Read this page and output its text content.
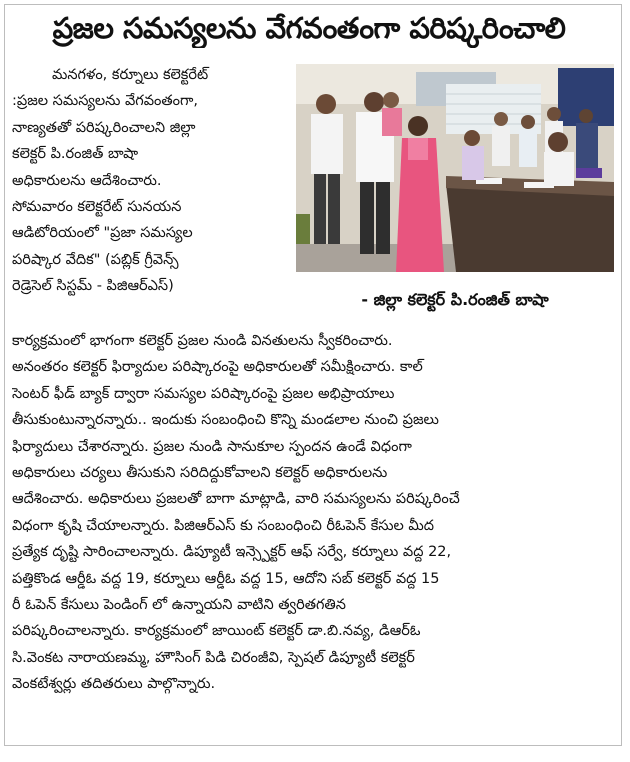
ప్రజల సమస్యలను వేగవంతంగా పరిష్కరించాలి
మనగళం, కర్నూలు కలెక్టరేట్
:ప్రజల సమస్యలను వేగవంతంగా,
నాణ్యతతో పరిష్కరించాలని జిల్లా
కలెక్టర్ పి.రంజిత్ బాషా
అధికారులను ఆదేశించారు.
సోమవారం కలెక్టరేట్ సునయన
ఆడిటోరియంలో "ప్రజా సమస్యల
పరిష్కార వేదిక" (పబ్లిక్ గ్రీవెన్స్
రెడ్రెసెల్ సిస్టమ్ - పిజిఆర్ఎస్)
- జిల్లా కలెక్టర్ పి.రంజిత్ బాషా
కార్యక్రమంలో భాగంగా కలెక్టర్ ప్రజల నుండి వినతులను స్వీకరించారు.
అనంతరం కలెక్టర్ ఫిర్యాదుల పరిష్కారంపై అధికారులతో సమీక్షించారు. కాల్
సెంటర్ ఫీడ్ బ్యాక్ ద్వారా సమస్యల పరిష్కారంపై ప్రజల అభిప్రాయాలు
తీసుకుంటున్నారన్నారు.. ఇందుకు సంబంధించి కొన్ని మండలాల నుంచి ప్రజలు
ఫిర్యాదులు చేశారన్నారు. ప్రజల నుండి సానుకూల స్పందన ఉండే విధంగా
అధికారులు చర్యలు తీసుకుని సరిదిద్దుకోవాలని కలెక్టర్ అధికారులను
ఆదేశించారు. అధికారులు ప్రజలతో బాగా మాట్లాడి, వారి సమస్యలను పరిష్కరించే
విధంగా కృషి చేయాలన్నారు. పిజిఆర్ఎస్ కు సంబంధించి రీఓపెన్ కేసుల మీద
ప్రత్యేక దృష్టి సారించాలన్నారు. డిప్యూటీ ఇన్స్పెక్టర్ ఆఫ్ సర్వే, కర్నూలు వద్ద 22,
పత్తికొండ ఆర్డీఓ వద్ద 19, కర్నూలు ఆర్డీఓ వద్ద 15, ఆదోని సబ్ కలెక్టర్ వద్ద 15
రీ ఓపెన్ కేసులు పెండింగ్ లో ఉన్నాయని వాటిని త్వరితగతిన
పరిష్కరించాలన్నారు. కార్యక్రమంలో జాయింట్ కలెక్టర్ డా.బి.నవ్య, డిఆర్ఓ
సి.వెంకట నారాయణమ్మ, హౌసింగ్ పిడి చిరంజీవి, స్పెషల్ డిప్యూటీ కలెక్టర్
వెంకటేశ్వర్లు తదితరులు పాల్గొన్నారు.
